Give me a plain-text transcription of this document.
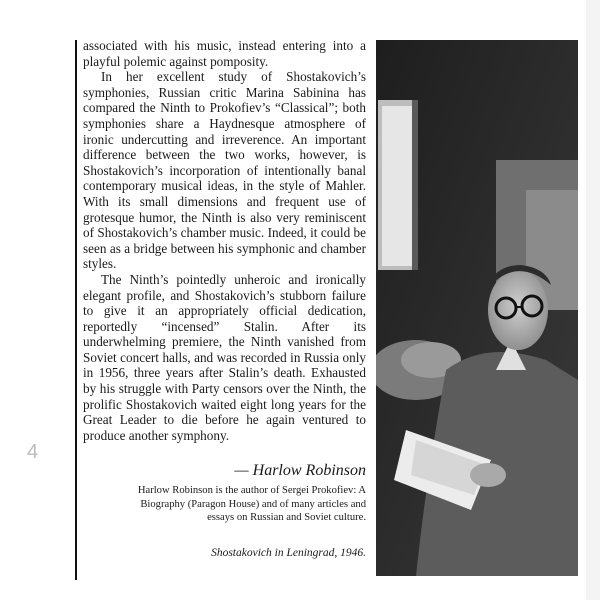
4

associated with his music, instead entering into a playful polemic against pomposity.

In her excellent study of Shostakovich’s symphonies, Russian critic Marina Sabinina has compared the Ninth to Prokofiev’s “Classical”; both symphonies share a Haydnesque atmosphere of ironic undercutting and irreverence. An important difference between the two works, however, is Shostakovich’s incorporation of intentionally banal contemporary musical ideas, in the style of Mahler. With its small dimensions and frequent use of grotesque humor, the Ninth is also very reminiscent of Shostakovich’s chamber music. Indeed, it could be seen as a bridge between his symphonic and chamber styles.

The Ninth’s pointedly unheroic and ironically elegant profile, and Shostakovich’s stubborn failure to give it an appropriately official dedication, reportedly “incensed” Stalin. After its underwhelming premiere, the Ninth vanished from Soviet concert halls, and was recorded in Russia only in 1956, three years after Stalin’s death. Exhausted by his struggle with Party censors over the Ninth, the prolific Shostakovich waited eight long years for the Great Leader to die before he again ventured to produce another symphony.

— Harlow Robinson
Harlow Robinson is the author of Sergei Prokofiev: A Biography (Paragon House) and of many articles and essays on Russian and Soviet culture.
Shostakovich in Leningrad, 1946.
